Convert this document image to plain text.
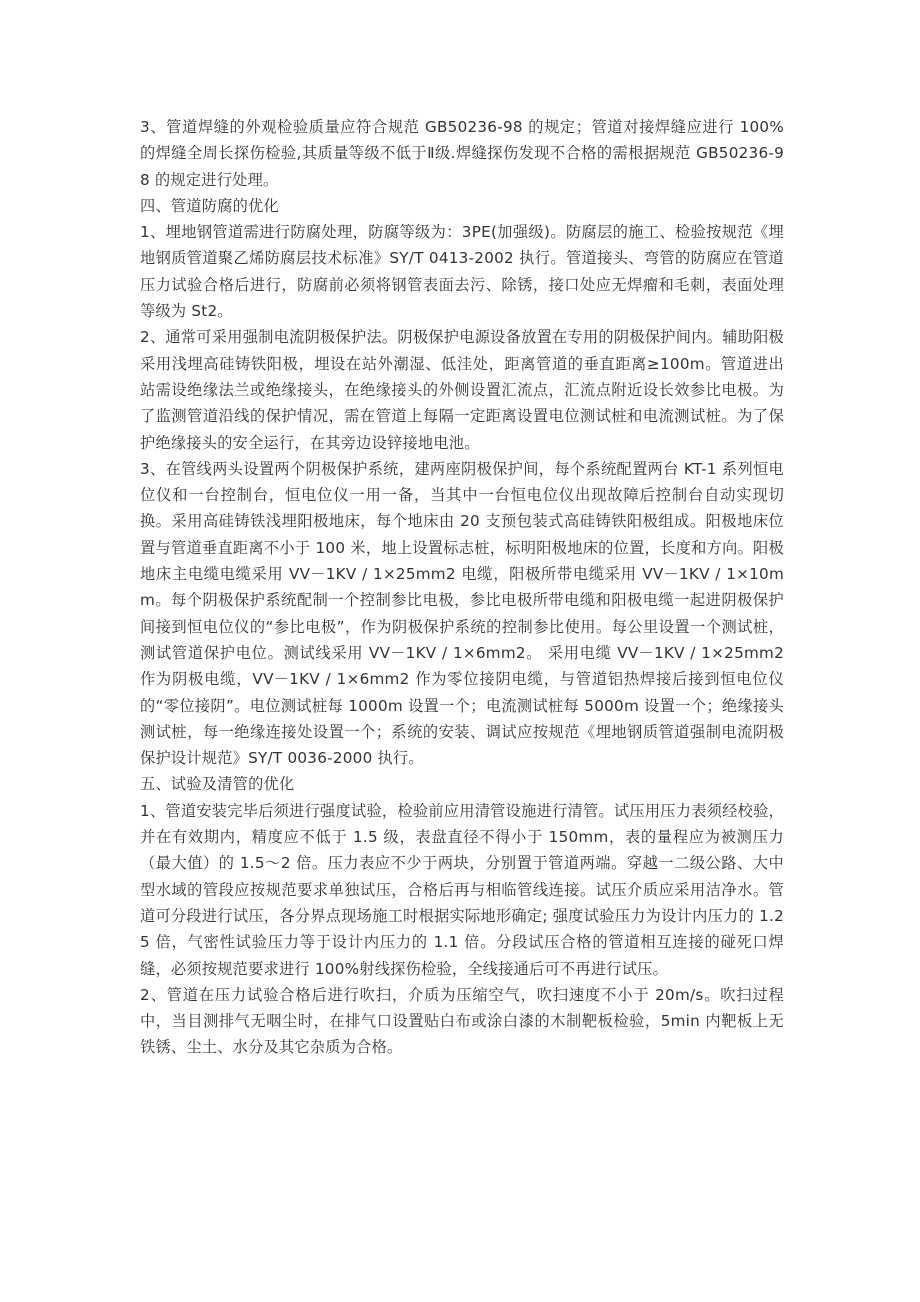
3、管道焊缝的外观检验质量应符合规范 GB50236-98 的规定；管道对接焊缝应进行 100%的焊缝全周长探伤检验,其质量等级不低于Ⅱ级.焊缝探伤发现不合格的需根据规范 GB50236-98 的规定进行处理。

四、管道防腐的优化

1、埋地钢管道需进行防腐处理，防腐等级为：3PE(加强级)。防腐层的施工、检验按规范《埋地钢质管道聚乙烯防腐层技术标准》SY/T 0413-2002 执行。管道接头、弯管的防腐应在管道压力试验合格后进行，防腐前必须将钢管表面去污、除锈，接口处应无焊瘤和毛刺，表面处理等级为 St2。

2、通常可采用强制电流阴极保护法。阴极保护电源设备放置在专用的阴极保护间内。辅助阳极采用浅埋高硅铸铁阳极，埋设在站外潮湿、低洼处，距离管道的垂直距离≥100m。管道进出站需设绝缘法兰或绝缘接头，在绝缘接头的外侧设置汇流点，汇流点附近设长效参比电极。为了监测管道沿线的保护情况，需在管道上每隔一定距离设置电位测试桩和电流测试桩。为了保护绝缘接头的安全运行，在其旁边设锌接地电池。

3、在管线两头设置两个阴极保护系统，建两座阴极保护间，每个系统配置两台 KT-1 系列恒电位仪和一台控制台，恒电位仪一用一备，当其中一台恒电位仪出现故障后控制台自动实现切换。采用高硅铸铁浅埋阳极地床，每个地床由 20 支预包装式高硅铸铁阳极组成。阳极地床位置与管道垂直距离不小于 100 米，地上设置标志桩，标明阳极地床的位置，长度和方向。阳极地床主电缆电缆采用 VV－1KV / 1×25mm2 电缆，阳极所带电缆采用 VV－1KV / 1×10mm。每个阴极保护系统配制一个控制参比电极，参比电极所带电缆和阳极电缆一起进阴极保护间接到恒电位仪的“参比电极”，作为阴极保护系统的控制参比使用。每公里设置一个测试桩，测试管道保护电位。测试线采用 VV－1KV / 1×6mm2。 采用电缆 VV－1KV / 1×25mm2 作为阴极电缆，VV－1KV / 1×6mm2 作为零位接阴电缆，与管道铝热焊接后接到恒电位仪的“零位接阴”。电位测试桩每 1000m 设置一个；电流测试桩每 5000m 设置一个；绝缘接头测试桩，每一绝缘连接处设置一个；系统的安装、调试应按规范《埋地钢质管道强制电流阴极保护设计规范》SY/T 0036-2000 执行。

五、试验及清管的优化

1、管道安装完毕后须进行强度试验，检验前应用清管设施进行清管。试压用压力表须经校验，并在有效期内，精度应不低于 1.5 级，表盘直径不得小于 150mm，表的量程应为被测压力（最大值）的 1.5～2 倍。压力表应不少于两块，分别置于管道两端。穿越一二级公路、大中型水域的管段应按规范要求单独试压，合格后再与相临管线连接。试压介质应采用洁净水。管道可分段进行试压，各分界点现场施工时根据实际地形确定; 强度试验压力为设计内压力的 1.25 倍，气密性试验压力等于设计内压力的 1.1 倍。分段试压合格的管道相互连接的碰死口焊缝，必须按规范要求进行 100%射线探伤检验，全线接通后可不再进行试压。

2、管道在压力试验合格后进行吹扫，介质为压缩空气，吹扫速度不小于 20m/s。吹扫过程中，当目测排气无咽尘时，在排气口设置贴白布或涂白漆的木制靶板检验，5min 内靶板上无铁锈、尘土、水分及其它杂质为合格。
